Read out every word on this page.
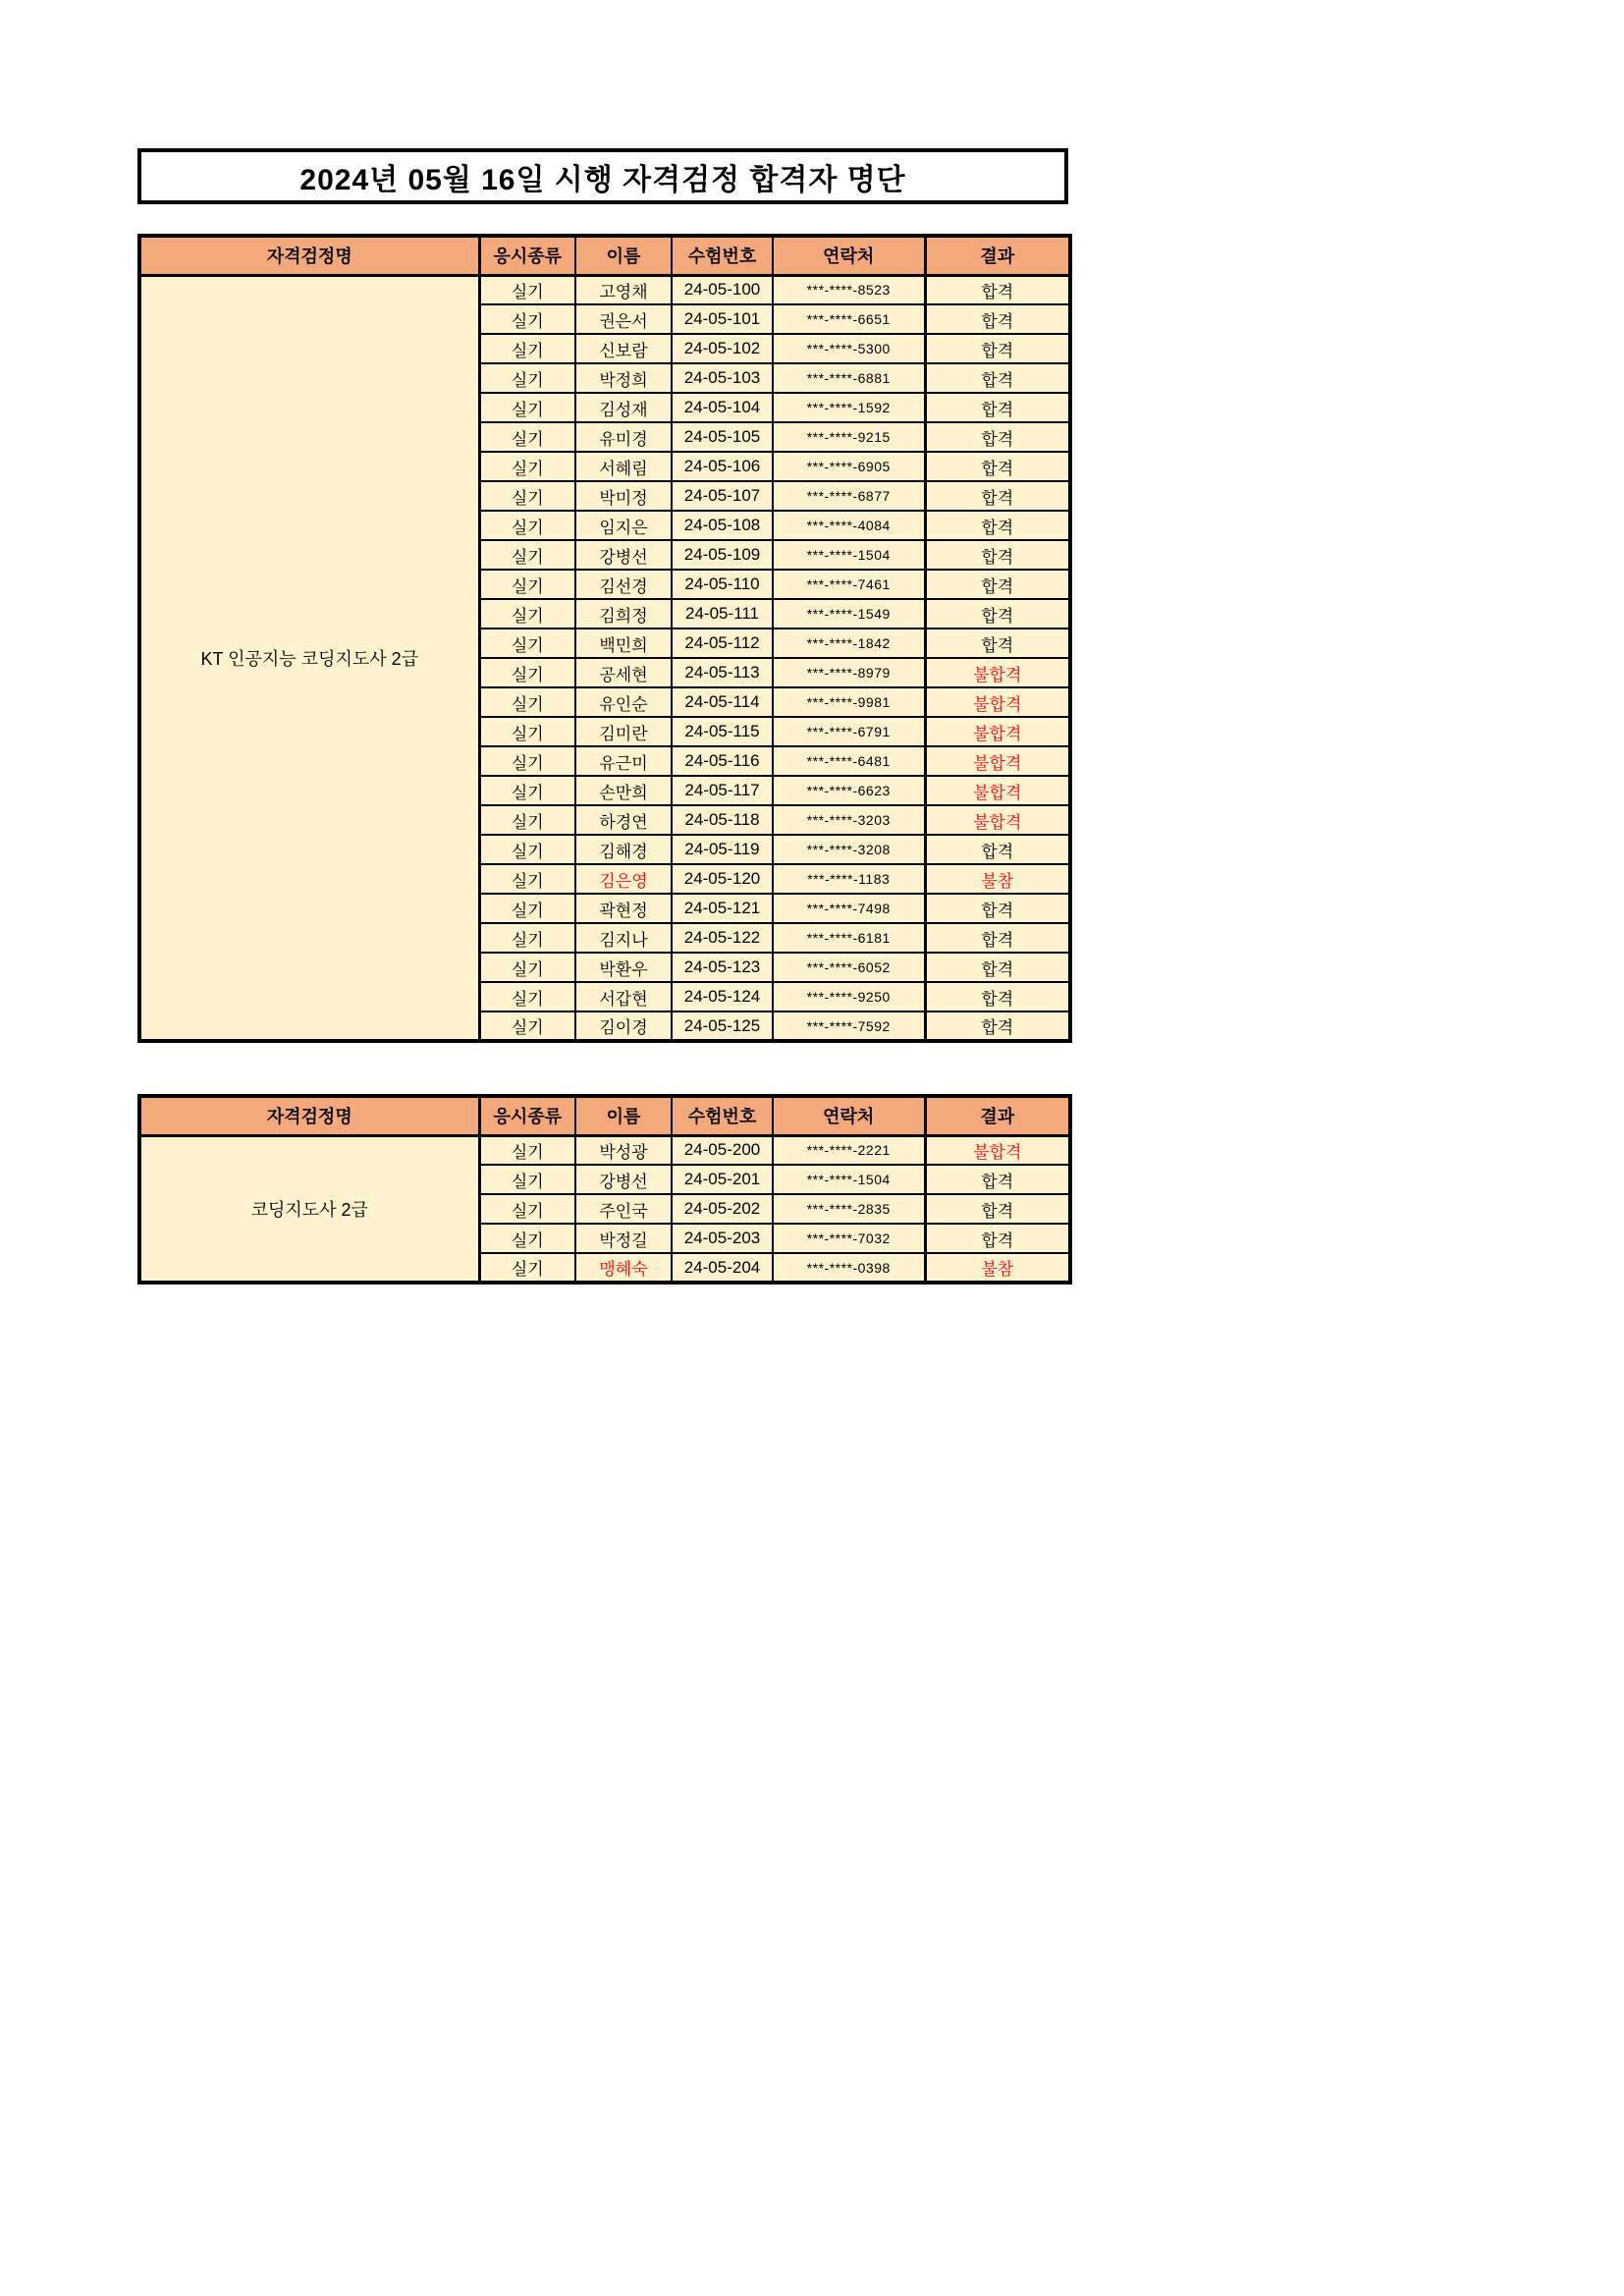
2024년 05월 16일 시행 자격검정 합격자 명단
자격검정명	응시종류	이름	수험번호	연락처	결과
KT 인공지능 코딩지도사 2급	실기	고영채	24-05-100	***-****-8523	합격
	실기	권은서	24-05-101	***-****-6651	합격
	실기	신보람	24-05-102	***-****-5300	합격
	실기	박정희	24-05-103	***-****-6881	합격
	실기	김성재	24-05-104	***-****-1592	합격
	실기	유미경	24-05-105	***-****-9215	합격
	실기	서혜림	24-05-106	***-****-6905	합격
	실기	박미정	24-05-107	***-****-6877	합격
	실기	임지은	24-05-108	***-****-4084	합격
	실기	강병선	24-05-109	***-****-1504	합격
	실기	김선경	24-05-110	***-****-7461	합격
	실기	김희정	24-05-111	***-****-1549	합격
	실기	백민희	24-05-112	***-****-1842	합격
	실기	공세현	24-05-113	***-****-8979	불합격
	실기	유인순	24-05-114	***-****-9981	불합격
	실기	김미란	24-05-115	***-****-6791	불합격
	실기	유근미	24-05-116	***-****-6481	불합격
	실기	손만희	24-05-117	***-****-6623	불합격
	실기	하경연	24-05-118	***-****-3203	불합격
	실기	김해경	24-05-119	***-****-3208	합격
	실기	김은영	24-05-120	***-****-1183	불참
	실기	곽현정	24-05-121	***-****-7498	합격
	실기	김지나	24-05-122	***-****-6181	합격
	실기	박환우	24-05-123	***-****-6052	합격
	실기	서갑현	24-05-124	***-****-9250	합격
	실기	김이경	24-05-125	***-****-7592	합격
자격검정명	응시종류	이름	수험번호	연락처	결과
코딩지도사 2급	실기	박성광	24-05-200	***-****-2221	불합격
	실기	강병선	24-05-201	***-****-1504	합격
	실기	주인국	24-05-202	***-****-2835	합격
	실기	박정길	24-05-203	***-****-7032	합격
	실기	맹혜숙	24-05-204	***-****-0398	불참
